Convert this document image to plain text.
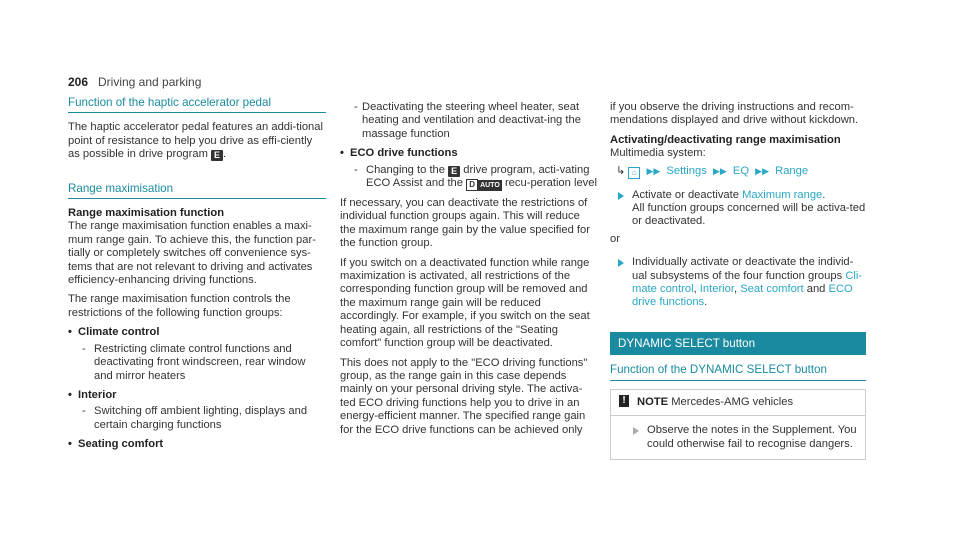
206 Driving and parking
Function of the haptic accelerator pedal

The haptic accelerator pedal features an addi-tional point of resistance to help you drive as effi-ciently as possible in drive program E .

Range maximisation
Range maximisation function

The range maximisation function enables a maxi-mum range gain. To achieve this, the function par-tially or completely switches off convenience sys-tems that are not relevant to driving and activates efficiency-enhancing driving functions.

The range maximisation function controls the restrictions of the following function groups:

• Climate control
- Restricting climate control functions and deactivating front windscreen, rear window and mirror heaters
• Interior
- Switching off ambient lighting, displays and certain charging functions
• Seating comfort
- Deactivating the steering wheel heater, seat heating and ventilation and deactivat-ing the massage function
• ECO drive functions
- Changing to the E drive program, acti-vating ECO Assist and the D AUTO recu-peration level

If necessary, you can deactivate the restrictions of individual function groups again. This will reduce the maximum range gain by the value specified for the function group.

If you switch on a deactivated function while range maximization is activated, all restrictions of the corresponding function group will be removed and the maximum range gain will be reduced accordingly. For example, if you switch on the seat heating again, all restrictions of the "Seating comfort" function group will be deactivated.

This does not apply to the "ECO driving functions" group, as the range gain in this case depends mainly on your personal driving style. The activa-ted ECO driving functions help you to drive in an energy-efficient manner. The specified range gain for the ECO drive functions can be achieved only

if you observe the driving instructions and recom-mendations displayed and drive without kickdown.

Activating/deactivating range maximisation
Multimedia system:
↳ ⌂ ▶▶ Settings ▶▶ EQ ▶▶ Range
Activate or deactivate Maximum range.
All function groups concerned will be activa-ted or deactivated.
or
Individually activate or deactivate the individ-ual subsystems of the four function groups Cli-mate control, Interior, Seat comfort and ECO drive functions.
DYNAMIC SELECT button
Function of the DYNAMIC SELECT button
! NOTE Mercedes-AMG vehicles
Observe the notes in the Supplement. You could otherwise fail to recognise dangers.
